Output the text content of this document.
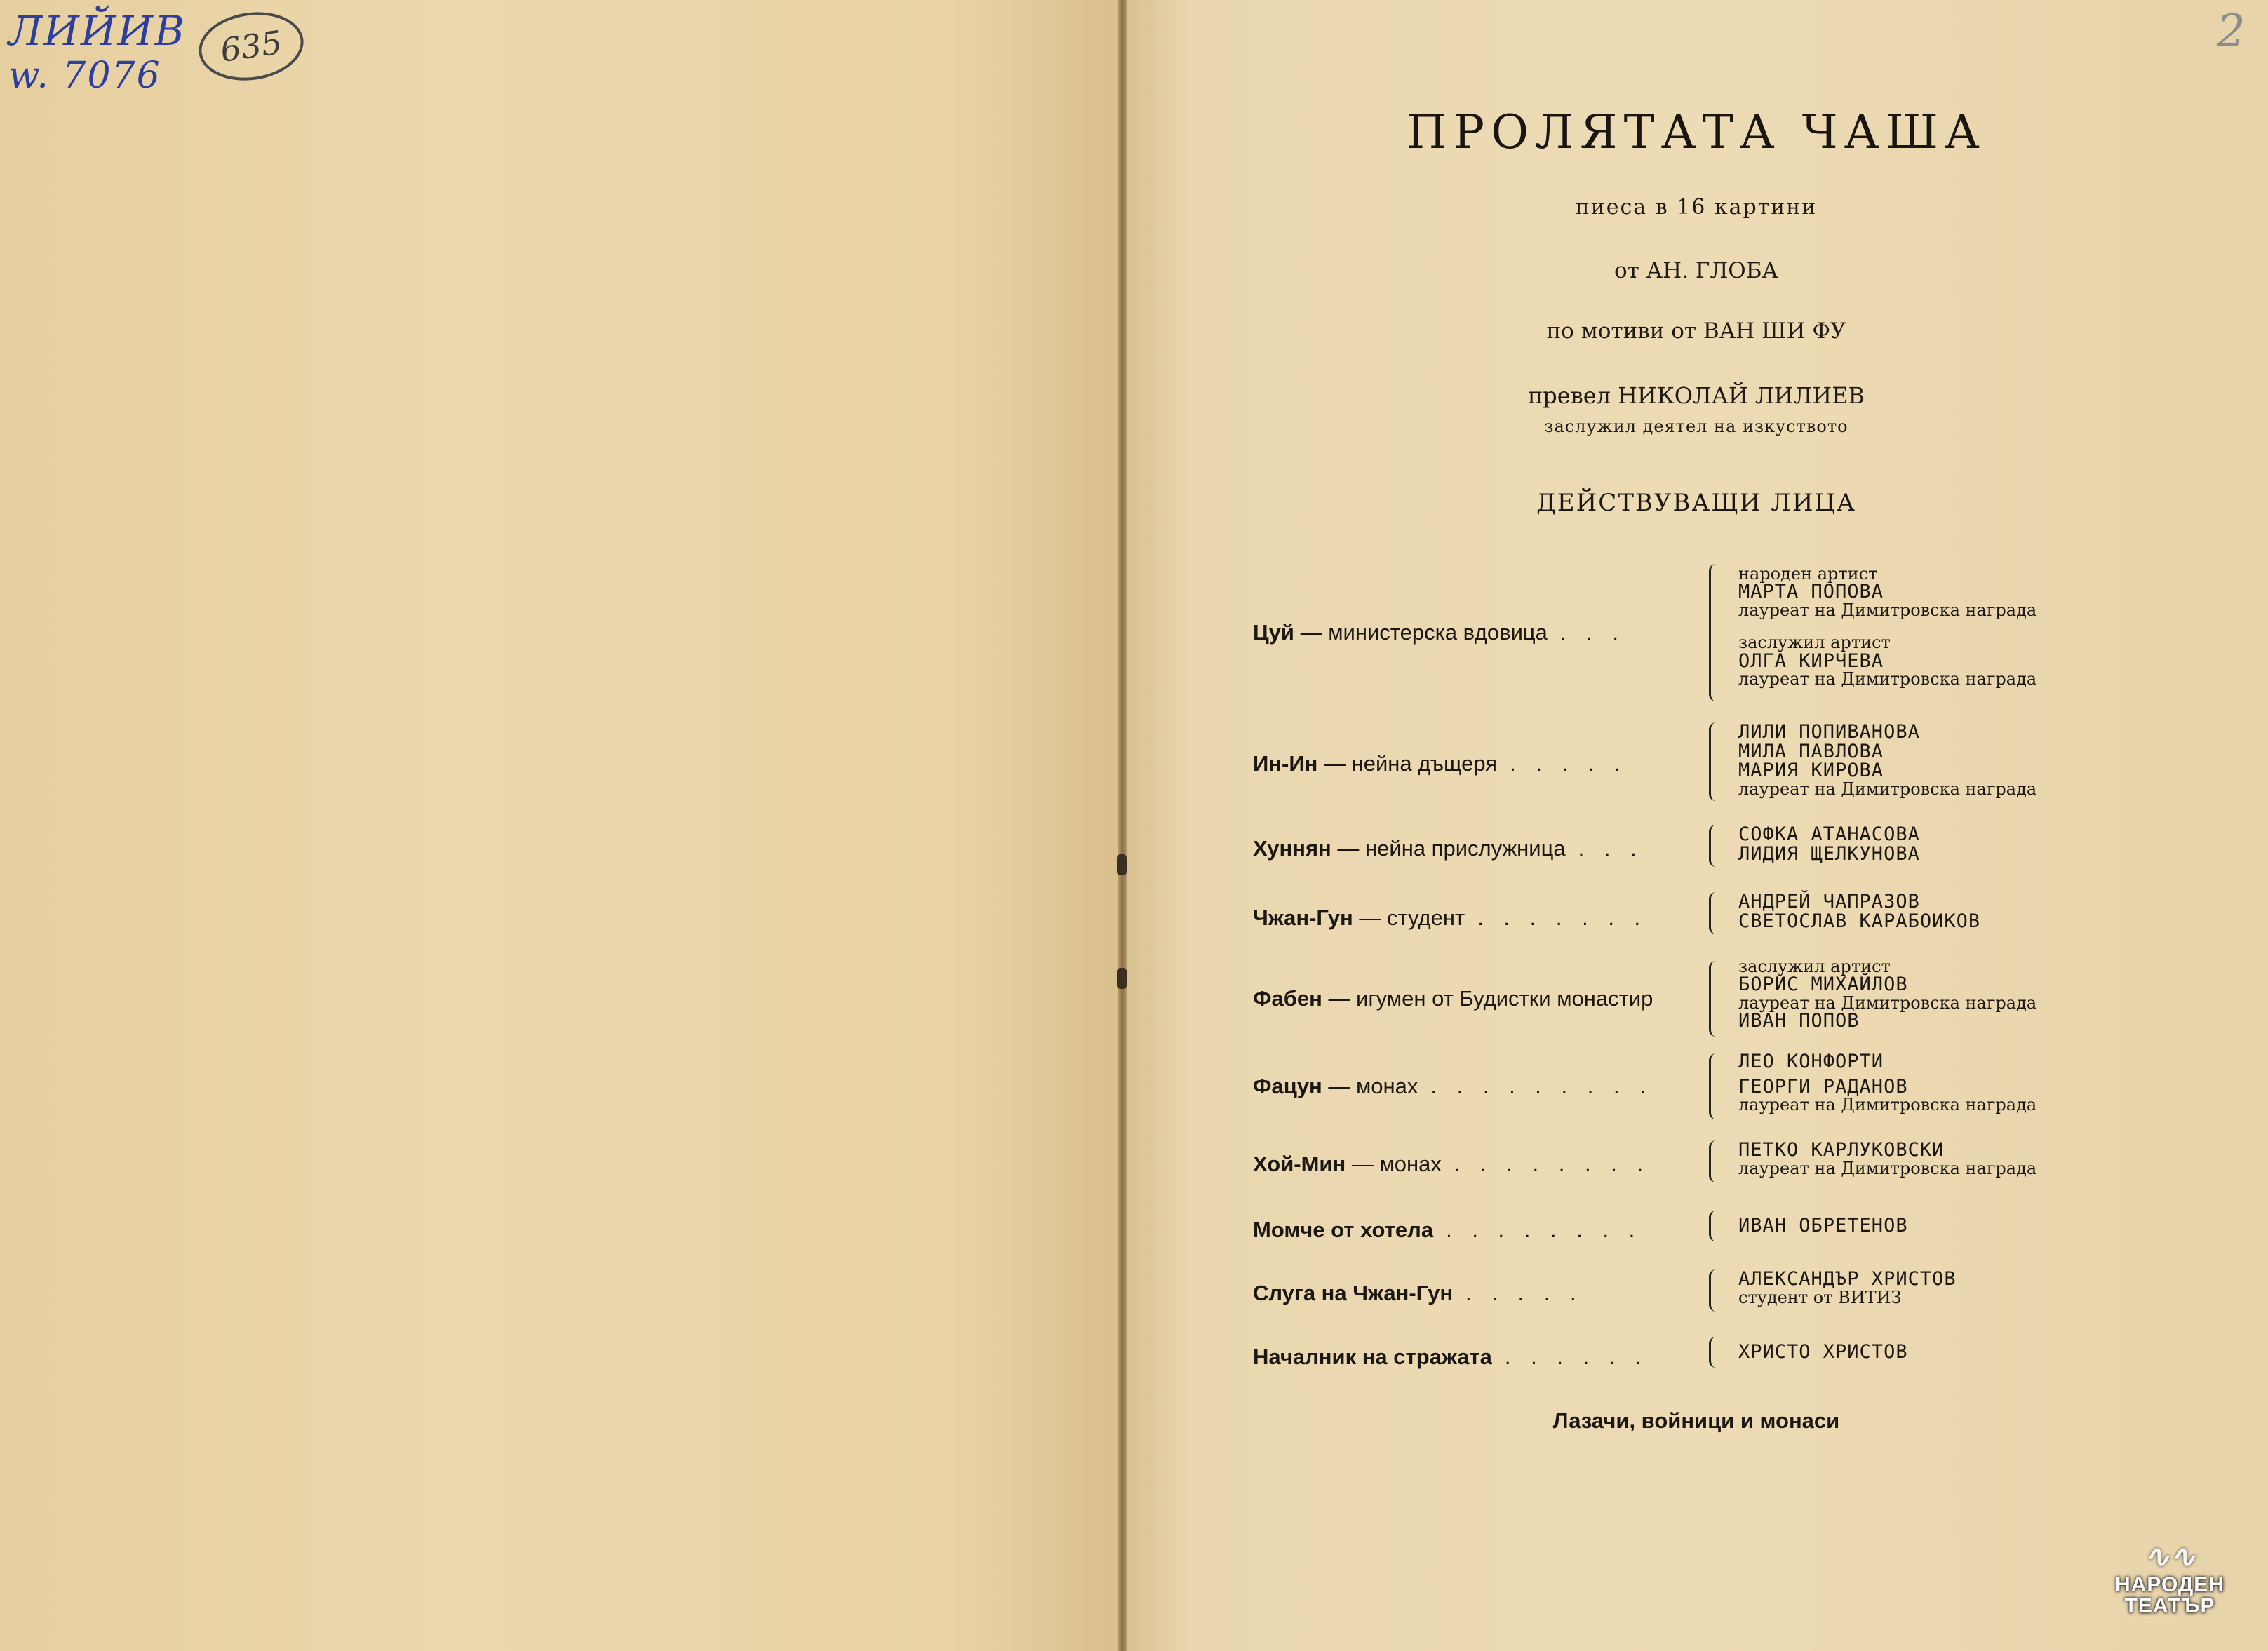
ЛИЙИВ
w. 7076
635	2
ПРОЛЯТАТА ЧАША
пиеса в 16 картини
от АН. ГЛОБА
по мотиви от ВАН ШИ ФУ
превел НИКОЛАЙ ЛИЛИЕВ
заслужил деятел на изкуството
ДЕЙСТВУВАЩИ ЛИЦА
Цуй — министерска вдовица . . .
народен артист
МАРТА ПОПОВА
лауреат на Димитровска награда
заслужил артист
ОЛГА КИРЧЕВА
лауреат на Димитровска награда
Ин-Ин — нейна дъщеря . . . . .
ЛИЛИ ПОПИВАНОВА
МИЛА ПАВЛОВА
МАРИЯ КИРОВА
лауреат на Димитровска награда
Хуннян — нейна прислужница . . .
СОФКА АТАНАСОВА
ЛИДИЯ ЩЕЛКУНОВА
Чжан-Гун — студент . . . . . . .
АНДРЕЙ ЧАПРАЗОВ
СВЕТОСЛАВ КАРАБОИКОВ
Фабен — игумен от Будистки монастир
заслужил артист
БОРИС МИХАЙЛОВ
лауреат на Димитровска награда
ИВАН ПОПОВ
Фацун — монах . . . . . . . . .
ЛЕО КОНФОРТИ
ГЕОРГИ РАДАНОВ
лауреат на Димитровска награда
Хой-Мин — монах . . . . . . . .
ПЕТКО КАРЛУКОВСКИ
лауреат на Димитровска награда
Момче от хотела . . . . . . . .	ИВАН ОБРЕТЕНОВ
Слуга на Чжан-Гун . . . . .
АЛЕКСАНДЪР ХРИСТОВ
студент от ВИТИЗ
Началник на стражата . . . . . .	ХРИСТО ХРИСТОВ
Лазачи, войници и монаси
∿∿
НАРОДЕН
ТЕАТЪР
